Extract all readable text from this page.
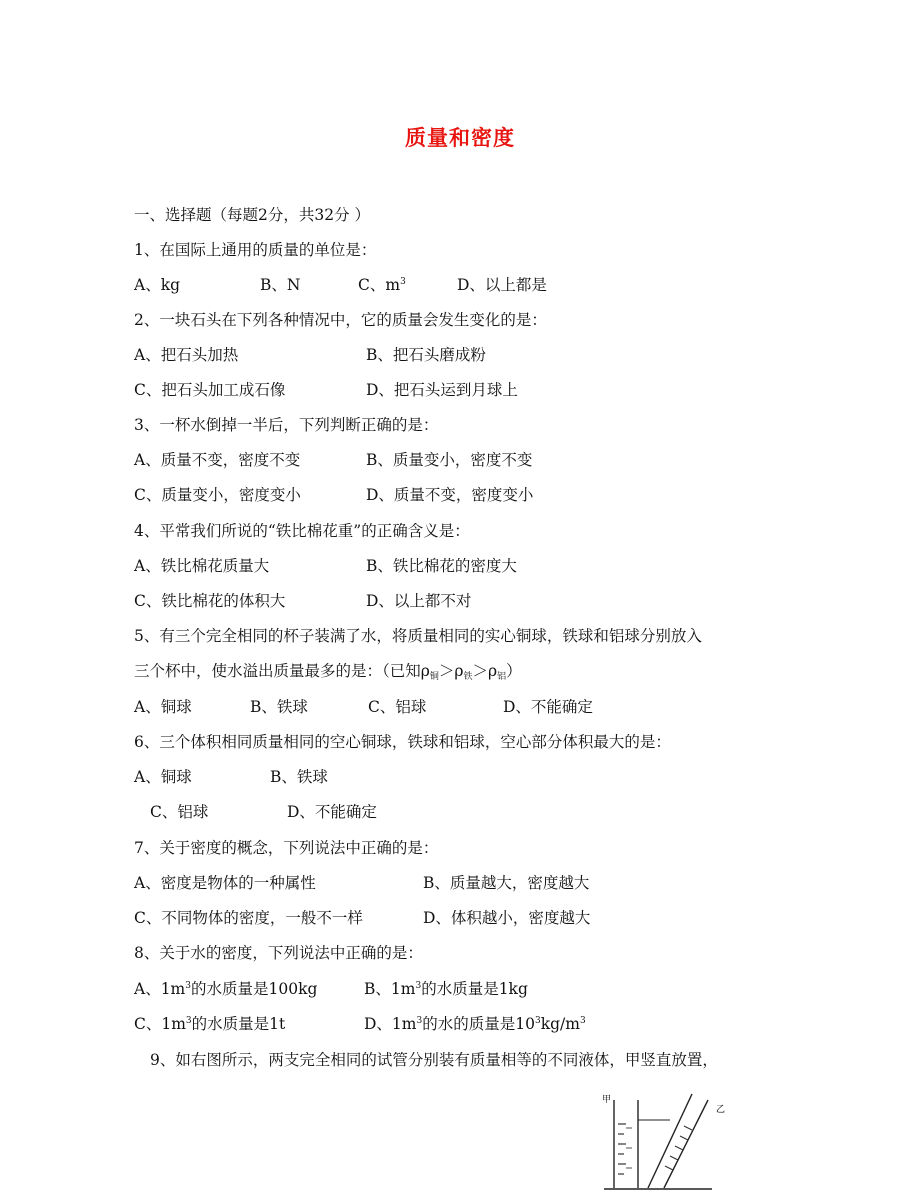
质量和密度
一、选择题（每题2分，共32分 ）
1、在国际上通用的质量的单位是：
A、kg	B、N	C、$m^3$	D、以上都是
2、一块石头在下列各种情况中，它的质量会发生变化的是：
A、把石头加热	B、把石头磨成粉
C、把石头加工成石像	D、把石头运到月球上
3、一杯水倒掉一半后，下列判断正确的是：
A、质量不变，密度不变	B、质量变小，密度不变
C、质量变小，密度变小	D、质量不变，密度变小
4、平常我们所说的“铁比棉花重”的正确含义是：
A、铁比棉花质量大	B、铁比棉花的密度大
C、铁比棉花的体积大	D、以上都不对
5、有三个完全相同的杯子装满了水，将质量相同的实心铜球，铁球和铝球分别放入
三个杯中，使水溢出质量最多的是：（已知$\rho_铜>\rho_铁>\rho_铝$）
A、铜球	B、铁球	C、铝球	D、不能确定
6、三个体积相同质量相同的空心铜球，铁球和铝球，空心部分体积最大的是：
A、铜球	B、铁球
C、铝球	D、不能确定
7、关于密度的概念，下列说法中正确的是：
A、密度是物体的一种属性	B、质量越大，密度越大
C、不同物体的密度，一般不一样	D、体积越小，密度越大
8、关于水的密度，下列说法中正确的是：
A、$1m^3$的水质量是100kg	B、$1m^3$的水质量是1kg
C、$1m^3$的水质量是1t	D、$1m^3$的水的质量是$10^3kg/m^3$
9、如右图所示，两支完全相同的试管分别装有质量相等的不同液体，甲竖直放置，
甲
乙
